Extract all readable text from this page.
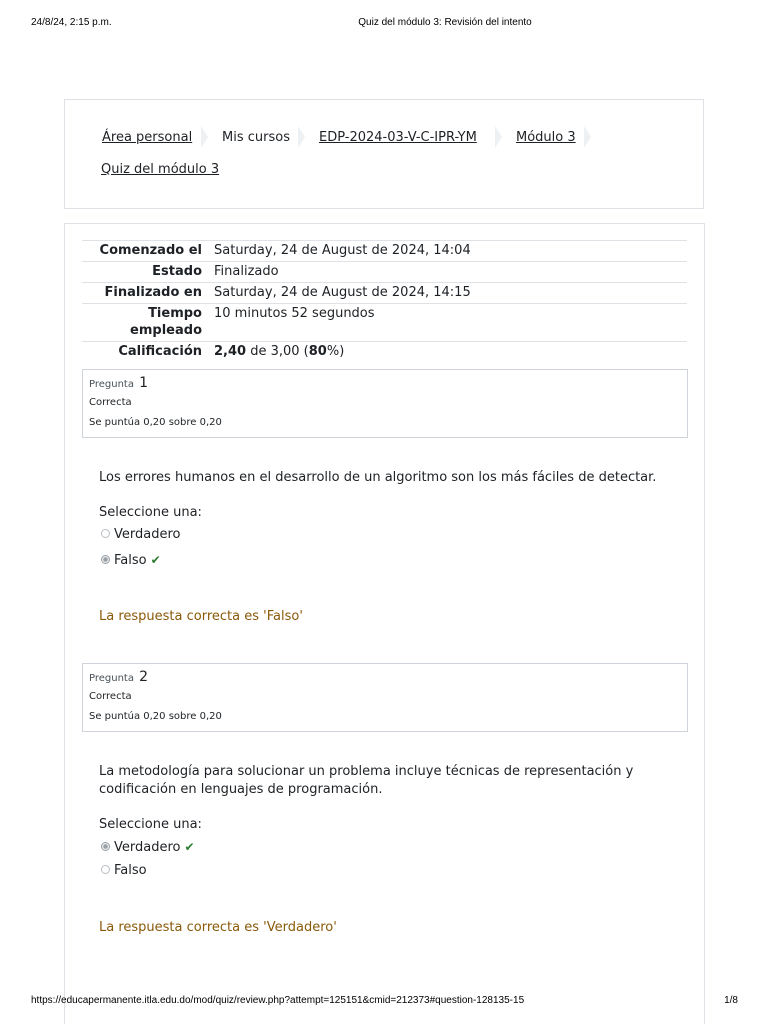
24/8/24, 2:15 p.m.	Quiz del módulo 3: Revisión del intento
Área personal Mis cursos EDP-2024-03-V-C-IPR-YM	Módulo 3
Quiz del módulo 3
Comenzado el	Saturday, 24 de August de 2024, 14:04
Estado	Finalizado
Finalizado en	Saturday, 24 de August de 2024, 14:15
Tiempo empleado	10 minutos 52 segundos
Calificación	2,40 de 3,00 (80%)
Pregunta 1
Correcta
Se puntúa 0,20 sobre 0,20
Los errores humanos en el desarrollo de un algoritmo son los más fáciles de detectar.
Seleccione una:
Verdadero
Falso ✔
La respuesta correcta es 'Falso'
Pregunta 2
Correcta
Se puntúa 0,20 sobre 0,20
La metodología para solucionar un problema incluye técnicas de representación y codificación en lenguajes de programación.
Seleccione una:
Verdadero ✔
Falso
La respuesta correcta es 'Verdadero'
https://educapermanente.itla.edu.do/mod/quiz/review.php?attempt=125151&cmid=212373#question-128135-15	1/8
